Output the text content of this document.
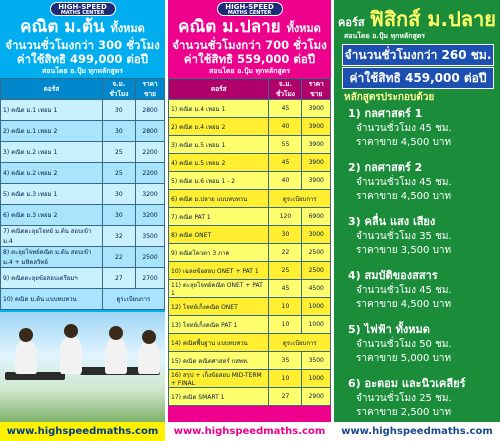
HIGH-SPEED
MATHS CENTER
คณิต ม.ต้น ทั้งหมด
จำนวนชั่วโมงกว่า 300 ชั่วโมง
ค่าใช้สิทธิ 499,000 ต่อปี
สอนโดย อ.ปุ้ม ทุกหลักสูตร
คอร์ส	จ.ม. ชั่วโมง	ราคา ขาย
1) คณิต ม.1 เทอม 1	30	2800
2) คณิต ม.1 เทอม 2	30	2800
3) คณิต ม.2 เทอม 1	25	2200
4) คณิต ม.2 เทอม 2	25	2200
5) คณิต ม.3 เทอม 1	30	3200
6) คณิต ม.3 เทอม 2	30	3200
7) คณิตตะลุยโจทย์ ม.ต้น สอบเข้า ม.4	32	3500
8) ตะลุยโจทย์คณิต ม.ต้น สอบเข้า ม.4 + มหิดลวิทย์	22	2500
9) คณิตตะลุยข้อสอบเตรียมฯ	27	2700
10) คณิต ม.ต้น แบบทบทวน	ดูระเบียบการ	
www.highspeedmaths.com
HIGH-SPEED
MATHS CENTER
คณิต ม.ปลาย ทั้งหมด
จำนวนชั่วโมงกว่า 700 ชั่วโมง
ค่าใช้สิทธิ 559,000 ต่อปี
สอนโดย อ.ปุ้ม ทุกหลักสูตร
คอร์ส	จ.ม. ชั่วโมง	ราคา ขาย
1) คณิต ม.4 เทอม 1	45	3900
2) คณิต ม.4 เทอม 2	40	3900
3) คณิต ม.5 เทอม 1	55	3900
4) คณิต ม.5 เทอม 2	45	3900
5) คณิต ม.6 เทอม 1 - 2	40	3900
6) คณิต ม.ปลาย แบบทบทวน	ดูระเบียบการ	
7) คณิต PAT 1	120	6900
8) คณิต ONET	30	3000
9) คณิตโควตา 3 ภาค	22	2500
10) เฉลยข้อสอบ ONET + PAT 1	25	2500
11) ตะลุยโจทย์คณิต ONET + PAT 1	45	4500
12) โจทย์เก็งคณิต ONET	10	1000
13) โจทย์เก็งคณิต PAT 1	10	1000
14) คณิตพื้นฐาน แบบทบทวน	ดูระเบียบการ	
15) คณิต คณิตศาสตร์ กสพท.	35	3500
16) สรุป + เก็งข้อสอบ MID-TERM + FINAL	10	1000
17) คณิต SMART 1	27	2900
www.highspeedmaths.com
คอร์ส ฟิสิกส์ ม.ปลาย
สอนโดย อ.ปุ้ม ทุกหลักสูตร
จำนวนชั่วโมงกว่า 260 ชม.
ค่าใช้สิทธิ 459,000 ต่อปี
หลักสูตรประกอบด้วย
1) กลศาสตร์ 1
จำนวนชั่วโมง 45 ชม.
ราคาขาย 4,500 บาท
2) กลศาสตร์ 2
จำนวนชั่วโมง 45 ชม.
ราคาขาย 4,500 บาท
3) คลื่น แสง เสียง
จำนวนชั่วโมง 35 ชม.
ราคาขาย 3,500 บาท
4) สมบัติของสสาร
จำนวนชั่วโมง 45 ชม.
ราคาขาย 4,500 บาท
5) ไฟฟ้า ทั้งหมด
จำนวนชั่วโมง 50 ชม.
ราคาขาย 5,000 บาท
6) อะตอม และนิวเคลียร์
จำนวนชั่วโมง 25 ชม.
ราคาขาย 2,500 บาท
www.highspeedmaths.com
